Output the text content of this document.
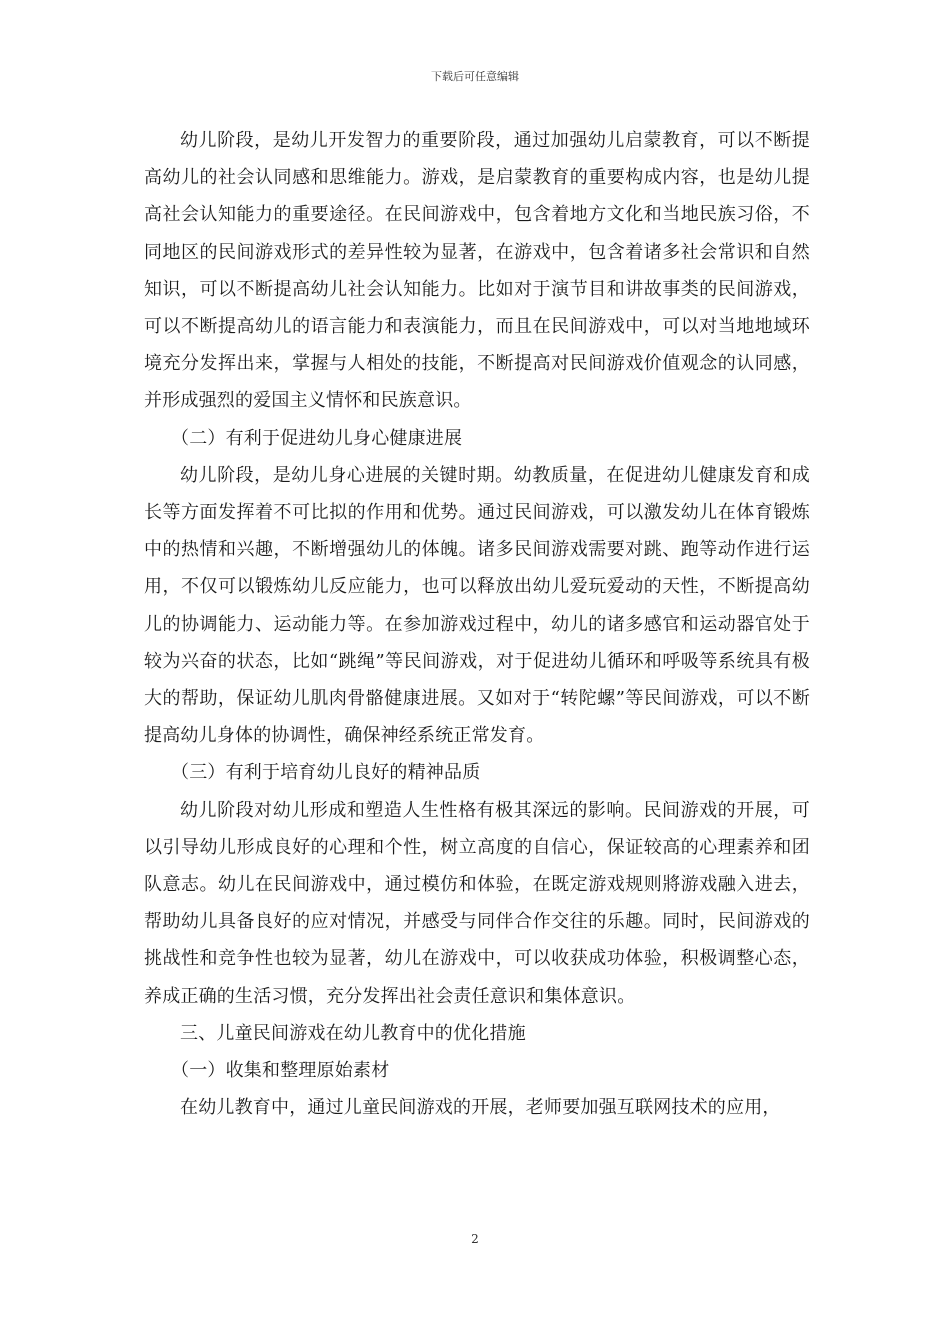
下载后可任意编辑

幼儿阶段，是幼儿开发智力的重要阶段，通过加强幼儿启蒙教育，可以不断提高幼儿的社会认同感和思维能力。游戏，是启蒙教育的重要构成内容，也是幼儿提高社会认知能力的重要途径。在民间游戏中，包含着地方文化和当地民族习俗，不同地区的民间游戏形式的差异性较为显著，在游戏中，包含着诸多社会常识和自然知识，可以不断提高幼儿社会认知能力。比如对于演节目和讲故事类的民间游戏，可以不断提高幼儿的语言能力和表演能力，而且在民间游戏中，可以对当地地域环境充分发挥出来，掌握与人相处的技能，不断提高对民间游戏价值观念的认同感，并形成强烈的爱国主义情怀和民族意识。

（二）有利于促进幼儿身心健康进展

幼儿阶段，是幼儿身心进展的关键时期。幼教质量，在促进幼儿健康发育和成长等方面发挥着不可比拟的作用和优势。通过民间游戏，可以激发幼儿在体育锻炼中的热情和兴趣，不断增强幼儿的体魄。诸多民间游戏需要对跳、跑等动作进行运用，不仅可以锻炼幼儿反应能力，也可以释放出幼儿爱玩爱动的天性，不断提高幼儿的协调能力、运动能力等。在参加游戏过程中，幼儿的诸多感官和运动器官处于较为兴奋的状态，比如“跳绳”等民间游戏，对于促进幼儿循环和呼吸等系统具有极大的帮助，保证幼儿肌肉骨骼健康进展。又如对于“转陀螺”等民间游戏，可以不断提高幼儿身体的协调性，确保神经系统正常发育。

（三）有利于培育幼儿良好的精神品质

幼儿阶段对幼儿形成和塑造人生性格有极其深远的影响。民间游戏的开展，可以引导幼儿形成良好的心理和个性，树立高度的自信心，保证较高的心理素养和团队意志。幼儿在民间游戏中，通过模仿和体验，在既定游戏规则將游戏融入进去，帮助幼儿具备良好的应对情况，并感受与同伴合作交往的乐趣。同时，民间游戏的挑战性和竞争性也较为显著，幼儿在游戏中，可以收获成功体验，积极调整心态，养成正确的生活习惯，充分发挥出社会责任意识和集体意识。

三、儿童民间游戏在幼儿教育中的优化措施

（一）收集和整理原始素材

在幼儿教育中，通过儿童民间游戏的开展，老师要加强互联网技术的应用，

2
